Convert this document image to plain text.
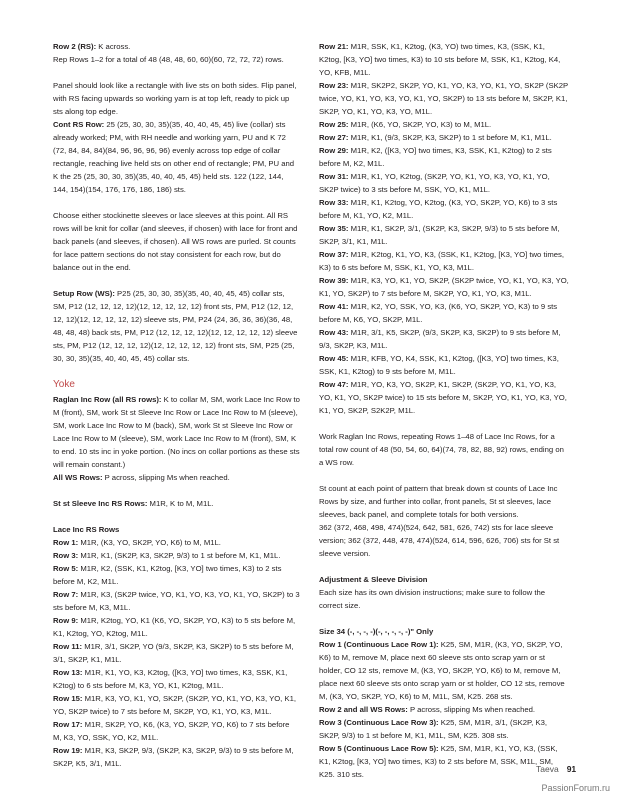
Row 2 (RS): K across.

Rep Rows 1–2 for a total of 48 (48, 48, 60, 60)(60, 72, 72, 72) rows.

Panel should look like a rectangle with live sts on both sides. Flip panel, with RS facing upwards so working yarn is at top left, ready to pick up sts along top edge.

Cont RS Row: 25 (25, 30, 30, 35)(35, 40, 40, 45, 45) live (collar) sts already worked; PM, with RH needle and working yarn, PU and K 72 (72, 84, 84, 84)(84, 96, 96, 96, 96) evenly across top edge of collar rectangle, reaching live held sts on other end of rectangle; PM, PU and K the 25 (25, 30, 30, 35)(35, 40, 40, 45, 45) held sts. 122 (122, 144, 144, 154)(154, 176, 176, 186, 186) sts.

Choose either stockinette sleeves or lace sleeves at this point. All RS rows will be knit for collar (and sleeves, if chosen) with lace for front and back panels (and sleeves, if chosen). All WS rows are purled. St counts for lace pattern sections do not stay consistent for each row, but do balance out in the end.

Setup Row (WS): P25 (25, 30, 30, 35)(35, 40, 40, 45, 45) collar sts, SM, P12 (12, 12, 12, 12)(12, 12, 12, 12, 12) front sts, PM, P12 (12, 12, 12, 12)(12, 12, 12, 12, 12) sleeve sts, PM, P24 (24, 36, 36, 36)(36, 48, 48, 48, 48) back sts, PM, P12 (12, 12, 12, 12)(12, 12, 12, 12, 12) sleeve sts, PM, P12 (12, 12, 12, 12)(12, 12, 12, 12, 12) front sts, SM, P25 (25, 30, 30, 35)(35, 40, 40, 45, 45) collar sts.

Yoke

Raglan Inc Row (all RS rows): K to collar M, SM, work Lace Inc Row to M (front), SM, work St st Sleeve Inc Row or Lace Inc Row to M (sleeve), SM, work Lace Inc Row to M (back), SM, work St st Sleeve Inc Row or Lace Inc Row to M (sleeve), SM, work Lace Inc Row to M (front), SM, K to end. 10 sts inc in yoke portion. (No incs on collar portions as these sts will remain constant.)

All WS Rows: P across, slipping Ms when reached.

St st Sleeve Inc RS Rows: M1R, K to M, M1L.

Lace Inc RS Rows
Row 1: M1R, (K3, YO, SK2P, YO, K6) to M, M1L.
Row 3: M1R, K1, (SK2P, K3, SK2P, 9/3) to 1 st before M, K1, M1L.
Row 5: M1R, K2, (SSK, K1, K2tog, [K3, YO] two times, K3) to 2 sts before M, K2, M1L.
Row 7: M1R, K3, (SK2P twice, YO, K1, YO, K3, YO, K1, YO, SK2P) to 3 sts before M, K3, M1L.
Row 9: M1R, K2tog, YO, K1 (K6, YO, SK2P, YO, K3) to 5 sts before M, K1, K2tog, YO, K2tog, M1L.
Row 11: M1R, 3/1, SK2P, YO (9/3, SK2P, K3, SK2P) to 5 sts before M, 3/1, SK2P, K1, M1L.
Row 13: M1R, K1, YO, K3, K2tog, ([K3, YO] two times, K3, SSK, K1, K2tog) to 6 sts before M, K3, YO, K1, K2tog, M1L.
Row 15: M1R, K3, YO, K1, YO, SK2P, (SK2P, YO, K1, YO, K3, YO, K1, YO, SK2P twice) to 7 sts before M, SK2P, YO, K1, YO, K3, M1L.
Row 17: M1R, SK2P, YO, K6, (K3, YO, SK2P, YO, K6) to 7 sts before M, K3, YO, SSK, YO, K2, M1L.
Row 19: M1R, K3, SK2P, 9/3, (SK2P, K3, SK2P, 9/3) to 9 sts before M, SK2P, K5, 3/1, M1L.
Row 21: M1R, SSK, K1, K2tog, (K3, YO) two times, K3, (SSK, K1, K2tog, [K3, YO] two times, K3) to 10 sts before M, SSK, K1, K2tog, K4, YO, KFB, M1L.
Row 23: M1R, SK2P2, SK2P, YO, K1, YO, K3, YO, K1, YO, SK2P (SK2P twice, YO, K1, YO, K3, YO, K1, YO, SK2P) to 13 sts before M, SK2P, K1, SK2P, YO, K1, YO, K3, YO, M1L.
Row 25: M1R, (K6, YO, SK2P, YO, K3) to M, M1L.
Row 27: M1R, K1, (9/3, SK2P, K3, SK2P) to 1 st before M, K1, M1L.
Row 29: M1R, K2, ([K3, YO] two times, K3, SSK, K1, K2tog) to 2 sts before M, K2, M1L.
Row 31: M1R, K1, YO, K2tog, (SK2P, YO, K1, YO, K3, YO, K1, YO, SK2P twice) to 3 sts before M, SSK, YO, K1, M1L.
Row 33: M1R, K1, K2tog, YO, K2tog, (K3, YO, SK2P, YO, K6) to 3 sts before M, K1, YO, K2, M1L.
Row 35: M1R, K1, SK2P, 3/1, (SK2P, K3, SK2P, 9/3) to 5 sts before M, SK2P, 3/1, K1, M1L.
Row 37: M1R, K2tog, K1, YO, K3, (SSK, K1, K2tog, [K3, YO] two times, K3) to 6 sts before M, SSK, K1, YO, K3, M1L.
Row 39: M1R, K3, YO, K1, YO, SK2P, (SK2P twice, YO, K1, YO, K3, YO, K1, YO, SK2P) to 7 sts before M, SK2P, YO, K1, YO, K3, M1L.
Row 41: M1R, K2, YO, SSK, YO, K3, (K6, YO, SK2P, YO, K3) to 9 sts before M, K6, YO, SK2P, M1L.
Row 43: M1R, 3/1, K5, SK2P, (9/3, SK2P, K3, SK2P) to 9 sts before M, 9/3, SK2P, K3, M1L.
Row 45: M1R, KFB, YO, K4, SSK, K1, K2tog, ([K3, YO] two times, K3, SSK, K1, K2tog) to 9 sts before M, M1L.

Row 47: M1R, YO, K3, YO, SK2P, K1, SK2P, (SK2P, YO, K1, YO, K3, YO, K1, YO, SK2P twice) to 15 sts before M, SK2P, YO, K1, YO, K3, YO, K1, YO, SK2P, S2K2P, M1L.

Work Raglan Inc Rows, repeating Rows 1–48 of Lace Inc Rows, for a total row count of 48 (50, 54, 60, 64)(74, 78, 82, 88, 92) rows, ending on a WS row.

St count at each point of pattern that break down st counts of Lace Inc Rows by size, and further into collar, front panels, St st sleeves, lace sleeves, back panel, and complete totals for both versions.
362 (372, 468, 498, 474)(524, 642, 581, 626, 742) sts for lace sleeve version; 362 (372, 448, 478, 474)(524, 614, 596, 626, 706) sts for St st sleeve version.

Adjustment & Sleeve Division

Each size has its own division instructions; make sure to follow the correct size.

Size 34 (-, -, -, -)(-, -, -, -, -)" Only
Row 1 (Continuous Lace Row 1): K25, SM, M1R, (K3, YO, SK2P, YO, K6) to M, remove M, place next 60 sleeve sts onto scrap yarn or st holder, CO 12 sts, remove M, (K3, YO, SK2P, YO, K6) to M, remove M, place next 60 sleeve sts onto scrap yarn or st holder, CO 12 sts, remove M, (K3, YO, SK2P, YO, K6) to M, M1L, SM, K25. 268 sts.
Row 2 and all WS Rows: P across, slipping Ms when reached.
Row 3 (Continuous Lace Row 3): K25, SM, M1R, 3/1, (SK2P, K3, SK2P, 9/3) to 1 st before M, K1, M1L, SM, K25. 308 sts.
Row 5 (Continuous Lace Row 5): K25, SM, M1R, K1, YO, K3, (SSK, K1, K2tog, [K3, YO] two times, K3) to 2 sts before M, SSK, M1L, SM, K25. 310 sts.
Taeva 91
PassionForum.ru
